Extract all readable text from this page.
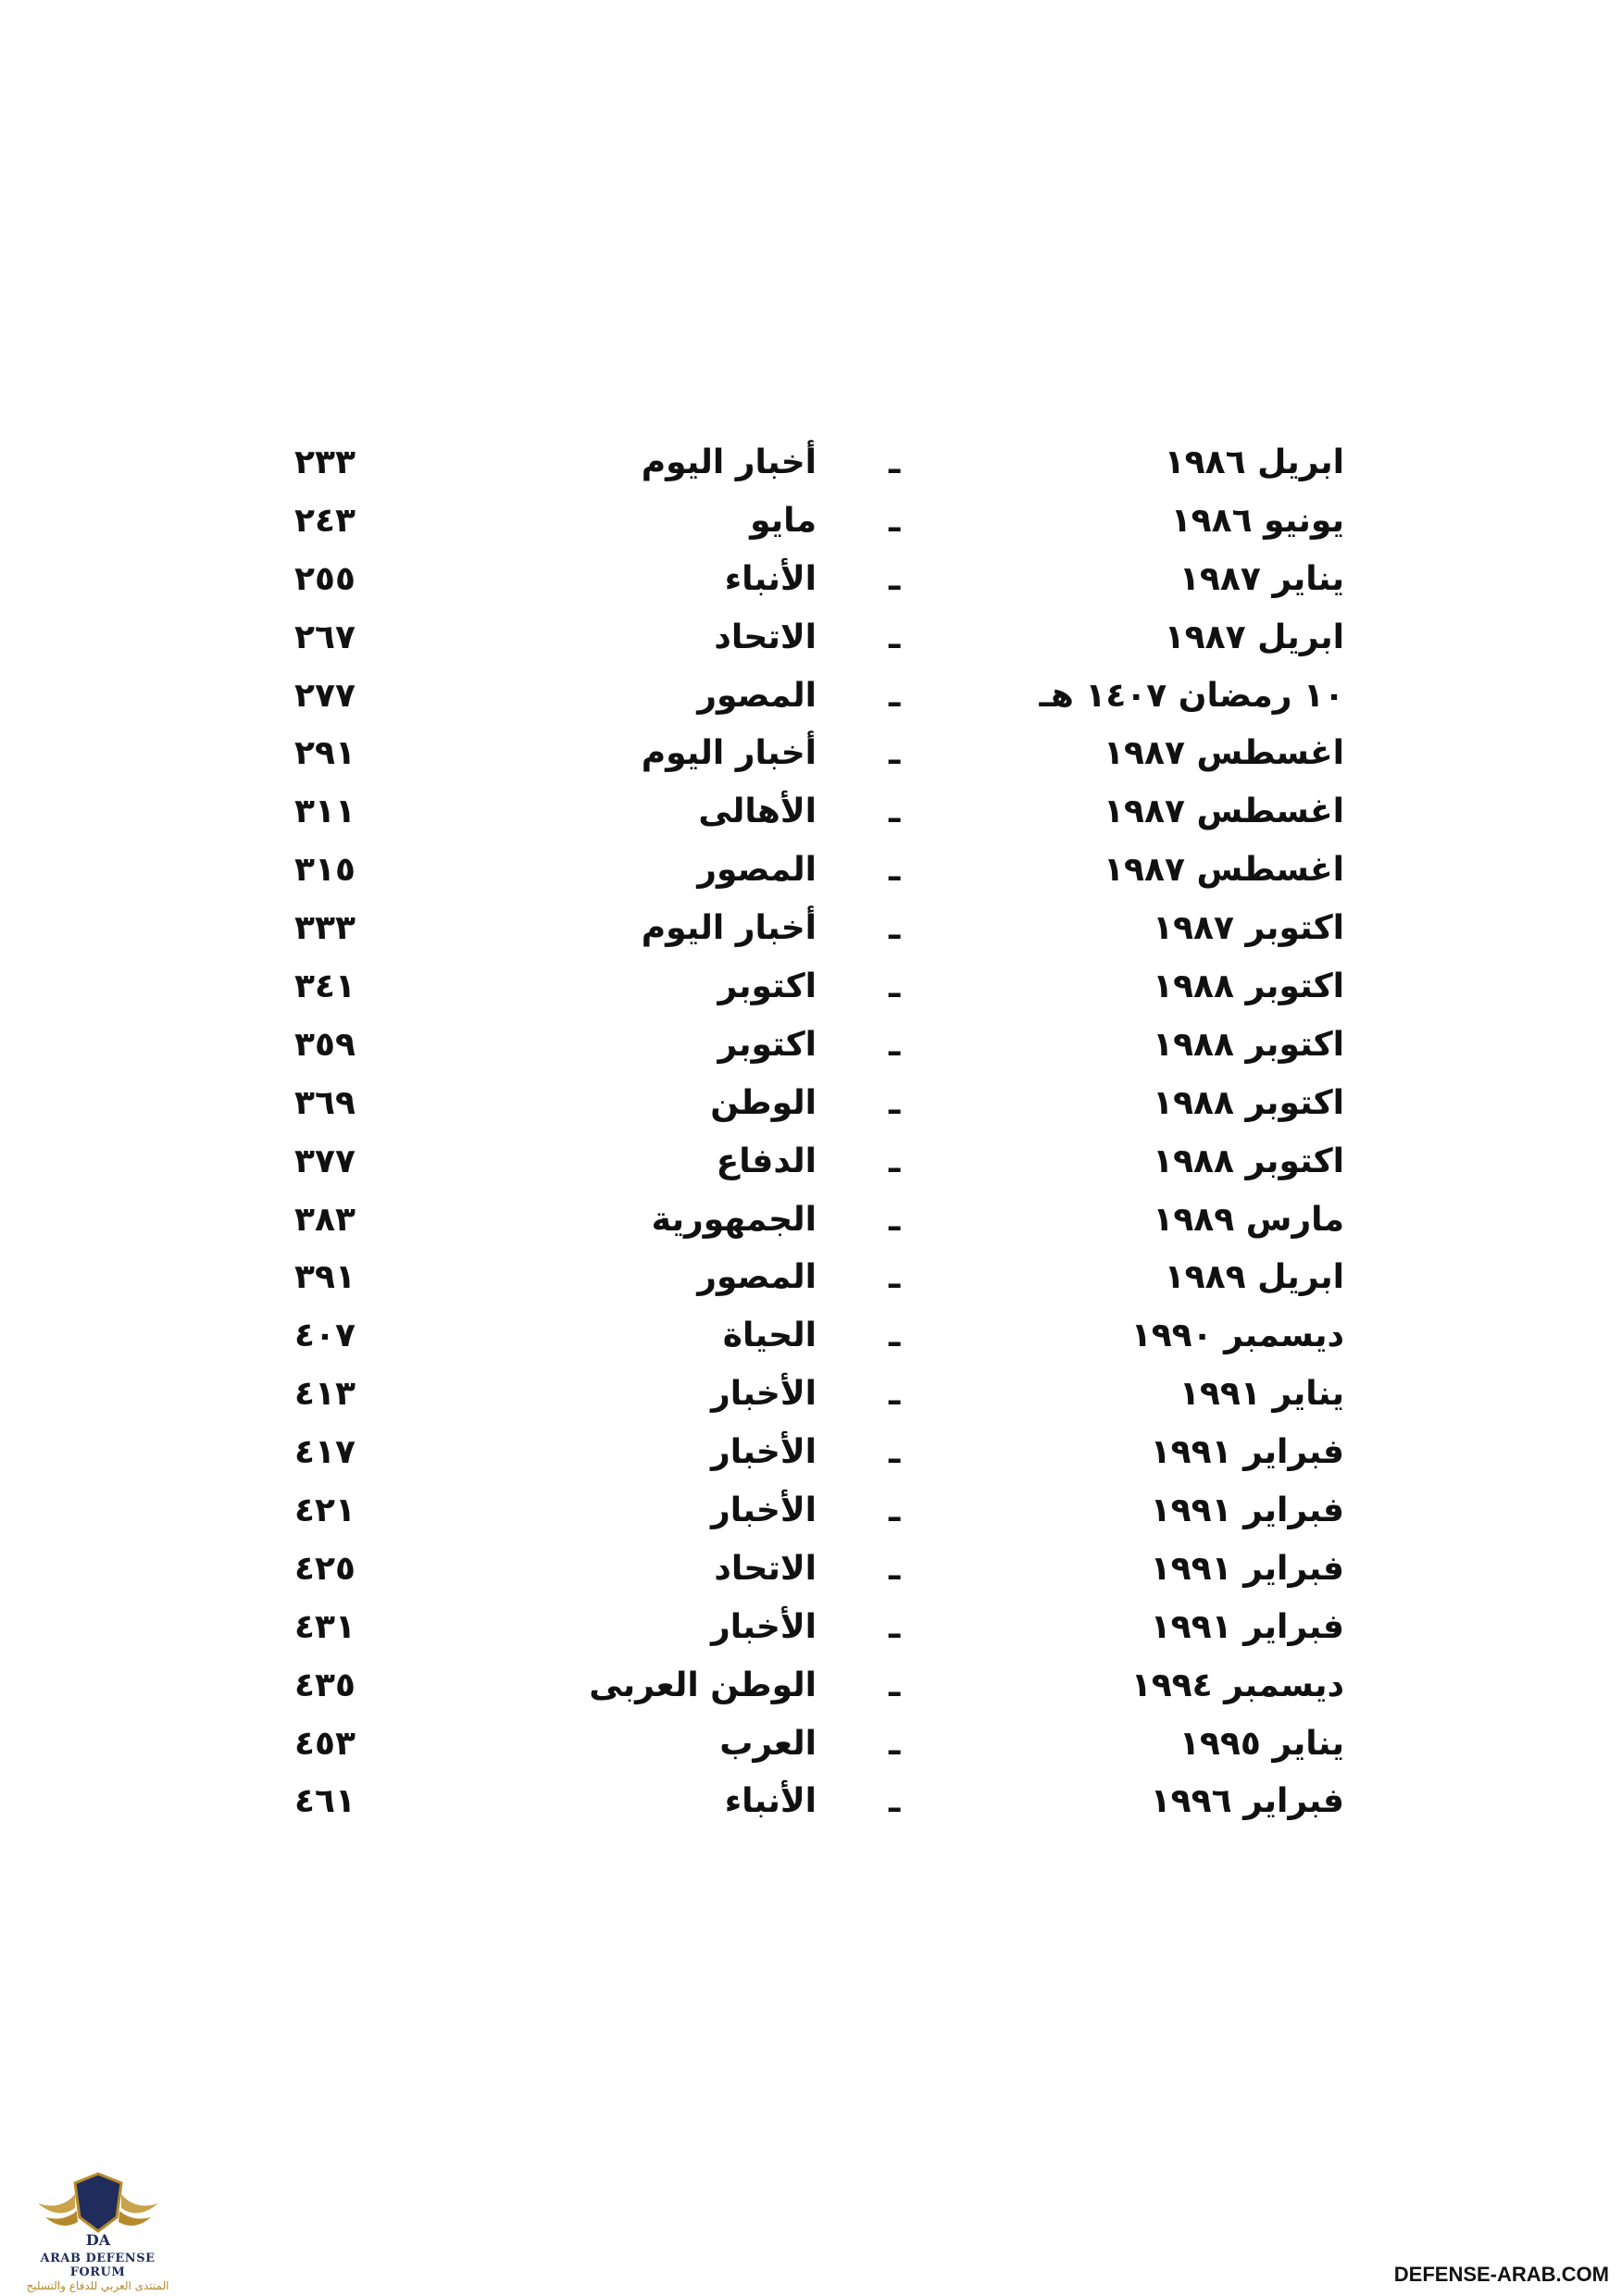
ابريل ١٩٨٦
ـ
أخبار اليوم
٢٣٣
يونيو ١٩٨٦
ـ
مايو
٢٤٣
يناير ١٩٨٧
ـ
الأنباء
٢٥٥
ابريل ١٩٨٧
ـ
الاتحاد
٢٦٧
١٠ رمضان ١٤٠٧ هـ
ـ
المصور
٢٧٧
اغسطس ١٩٨٧
ـ
أخبار اليوم
٢٩١
اغسطس ١٩٨٧
ـ
الأهالى
٣١١
اغسطس ١٩٨٧
ـ
المصور
٣١٥
اكتوبر ١٩٨٧
ـ
أخبار اليوم
٣٣٣
اكتوبر ١٩٨٨
ـ
اكتوبر
٣٤١
اكتوبر ١٩٨٨
ـ
اكتوبر
٣٥٩
اكتوبر ١٩٨٨
ـ
الوطن
٣٦٩
اكتوبر ١٩٨٨
ـ
الدفاع
٣٧٧
مارس ١٩٨٩
ـ
الجمهورية
٣٨٣
ابريل ١٩٨٩
ـ
المصور
٣٩١
ديسمبر ١٩٩٠
ـ
الحياة
٤٠٧
يناير ١٩٩١
ـ
الأخبار
٤١٣
فبراير ١٩٩١
ـ
الأخبار
٤١٧
فبراير ١٩٩١
ـ
الأخبار
٤٢١
فبراير ١٩٩١
ـ
الاتحاد
٤٢٥
فبراير ١٩٩١
ـ
الأخبار
٤٣١
ديسمبر ١٩٩٤
ـ
الوطن العربى
٤٣٥
يناير ١٩٩٥
ـ
العرب
٤٥٣
فبراير ١٩٩٦
ـ
الأنباء
٤٦١
DA
ARAB DEFENSE FORUM
المنتدى العربي للدفاع والتسليح	DEFENSE-ARAB.COM
